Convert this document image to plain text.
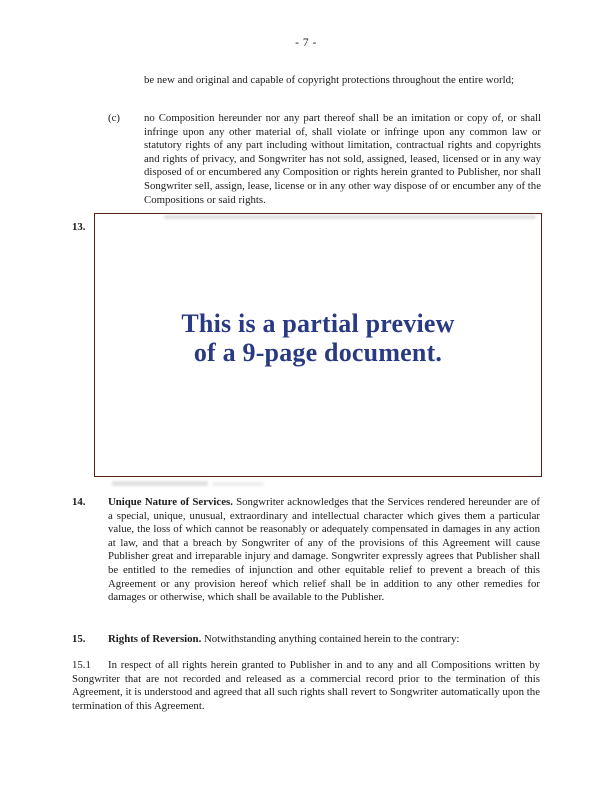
- 7 -
be new and original and capable of copyright protections throughout the entire world;
(c) no Composition hereunder nor any part thereof shall be an imitation or copy of, or shall infringe upon any other material of, shall violate or infringe upon any common law or statutory rights of any part including without limitation, contractual rights and copyrights and rights of privacy, and Songwriter has not sold, assigned, leased, licensed or in any way disposed of or encumbered any Composition or rights herein granted to Publisher, nor shall Songwriter sell, assign, lease, license or in any other way dispose of or encumber any of the Compositions or said rights.
13.
This is a partial preview
of a 9-page document.
14. Unique Nature of Services. Songwriter acknowledges that the Services rendered hereunder are of a special, unique, unusual, extraordinary and intellectual character which gives them a particular value, the loss of which cannot be reasonably or adequately compensated in damages in any action at law, and that a breach by Songwriter of any of the provisions of this Agreement will cause Publisher great and irreparable injury and damage. Songwriter expressly agrees that Publisher shall be entitled to the remedies of injunction and other equitable relief to prevent a breach of this Agreement or any provision hereof which relief shall be in addition to any other remedies for damages or otherwise, which shall be available to the Publisher.
15. Rights of Reversion. Notwithstanding anything contained herein to the contrary:
15.1 In respect of all rights herein granted to Publisher in and to any and all Compositions written by Songwriter that are not recorded and released as a commercial record prior to the termination of this Agreement, it is understood and agreed that all such rights shall revert to Songwriter automatically upon the termination of this Agreement.
